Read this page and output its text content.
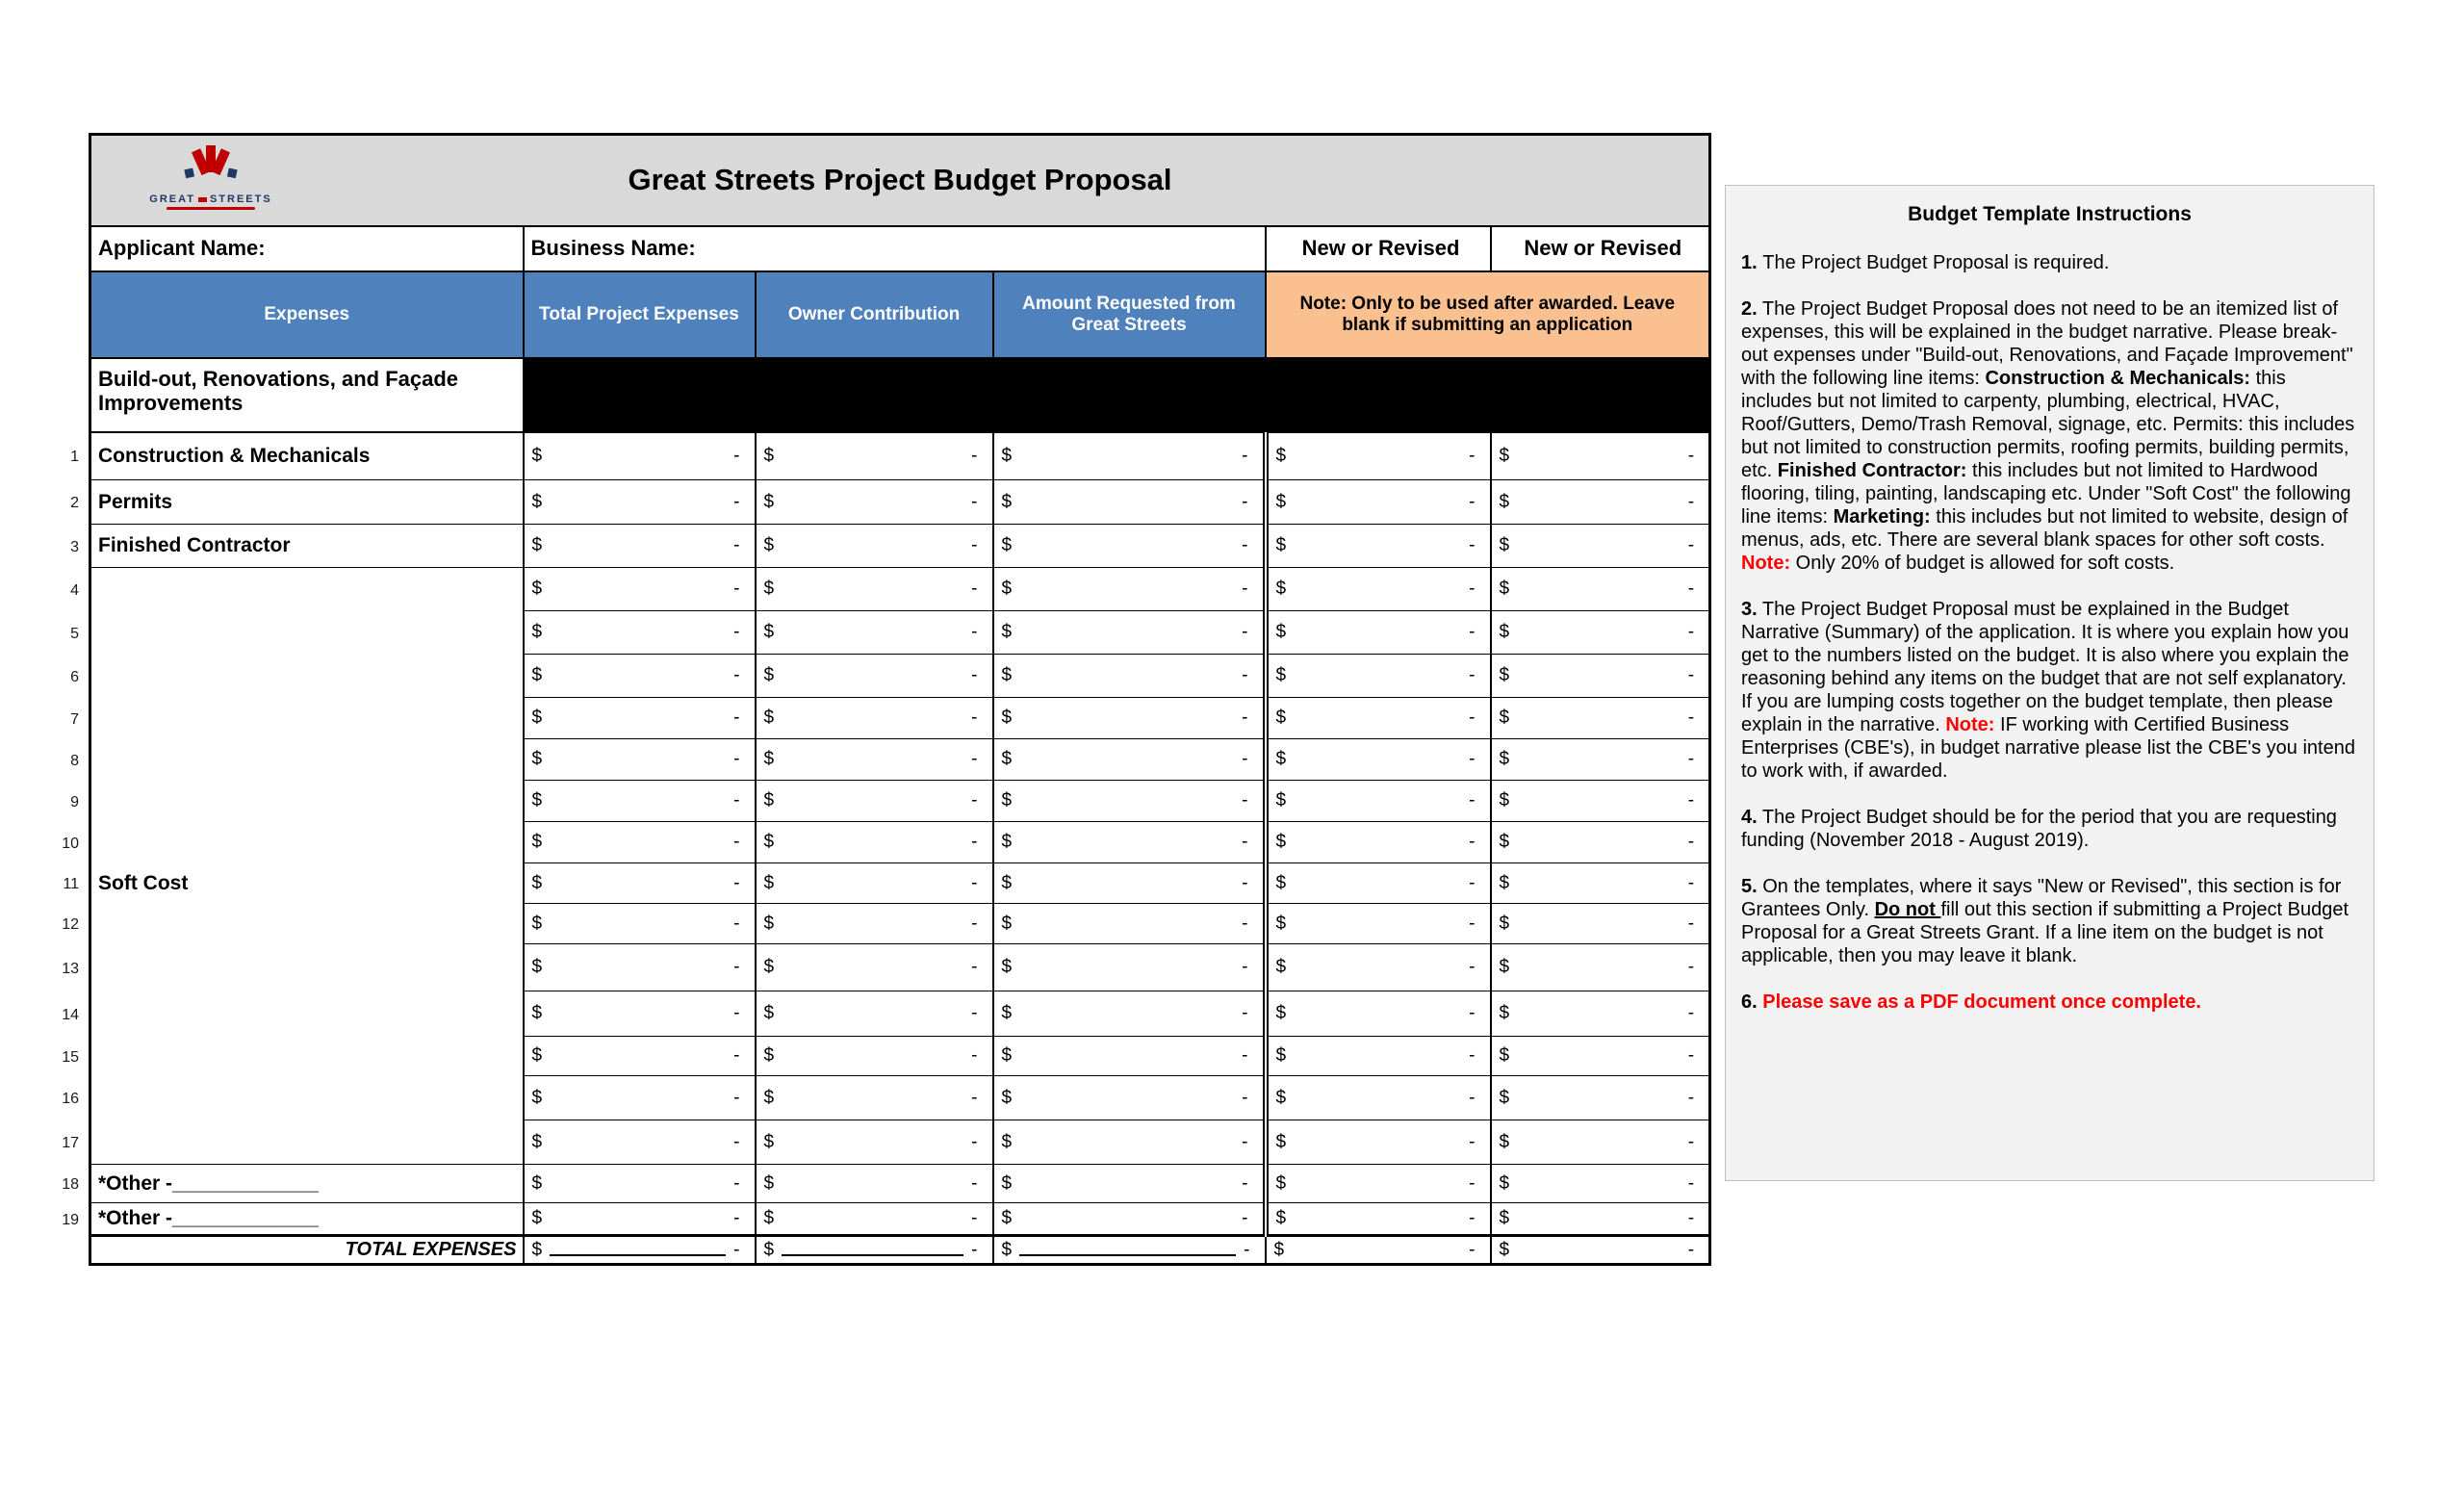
1
2
3
4
5
6
7
8
9
10
11
12
13
14
15
16
17
18
19
GREAT STREETS
Great Streets Project Budget Proposal					

Applicant Name:	Business Name:			New or Revised	New or Revised
Expenses	Total Project Expenses	Owner Contribution	Amount Requested from Great Streets	Note: Only to be used after awarded. Leave blank if submitting an application	
Build-out, Renovations, and Façade Improvements					
Construction & Mechanicals	$ -	$ -	$ -	$ -	$ -

Permits	$ -	$ -	$ -	$ -	$ -

Finished Contractor	$ -	$ -	$ -	$ -	$ -

	$ -	$ -	$ -	$ -	$ -

	$ -	$ -	$ -	$ -	$ -

	$ -	$ -	$ -	$ -	$ -

	$ -	$ -	$ -	$ -	$ -

	$ -	$ -	$ -	$ -	$ -

	$ -	$ -	$ -	$ -	$ -

	$ -	$ -	$ -	$ -	$ -

Soft Cost	$ -	$ -	$ -	$ -	$ -

	$ -	$ -	$ -	$ -	$ -

	$ -	$ -	$ -	$ -	$ -

	$ -	$ -	$ -	$ -	$ -

	$ -	$ -	$ -	$ -	$ -

	$ -	$ -	$ -	$ -	$ -

	$ -	$ -	$ -	$ -	$ -

*Other -_____________	$ -	$ -	$ -	$ -	$ -

*Other -_____________	$ -	$ -	$ -	$ -	$ -

TOTAL EXPENSES	$ -	$ -	$ -	$ -	$ -
Budget Template Instructions
1. The Project Budget Proposal is required.
2. The Project Budget Proposal does not need to be an itemized list of expenses, this will be explained in the budget narrative. Please break-out expenses under "Build-out, Renovations, and Façade Improvement" with the following line items: Construction & Mechanicals: this includes but not limited to carpenty, plumbing, electrical, HVAC, Roof/Gutters, Demo/Trash Removal, signage, etc. Permits: this includes but not limited to construction permits, roofing permits, building permits, etc. Finished Contractor: this includes but not limited to Hardwood flooring, tiling, painting, landscaping etc. Under "Soft Cost" the following line items: Marketing: this includes but not limited to website, design of menus, ads, etc. There are several blank spaces for other soft costs. Note: Only 20% of budget is allowed for soft costs.
3. The Project Budget Proposal must be explained in the Budget Narrative (Summary) of the application. It is where you explain how you get to the numbers listed on the budget. It is also where you explain the reasoning behind any items on the budget that are not self explanatory. If you are lumping costs together on the budget template, then please explain in the narrative. Note: IF working with Certified Business Enterprises (CBE's), in budget narrative please list the CBE's you intend to work with, if awarded.
4. The Project Budget should be for the period that you are requesting funding (November 2018 - August 2019).
5. On the templates, where it says "New or Revised", this section is for Grantees Only. Do not fill out this section if submitting a Project Budget Proposal for a Great Streets Grant. If a line item on the budget is not applicable, then you may leave it blank.
6. Please save as a PDF document once complete.
